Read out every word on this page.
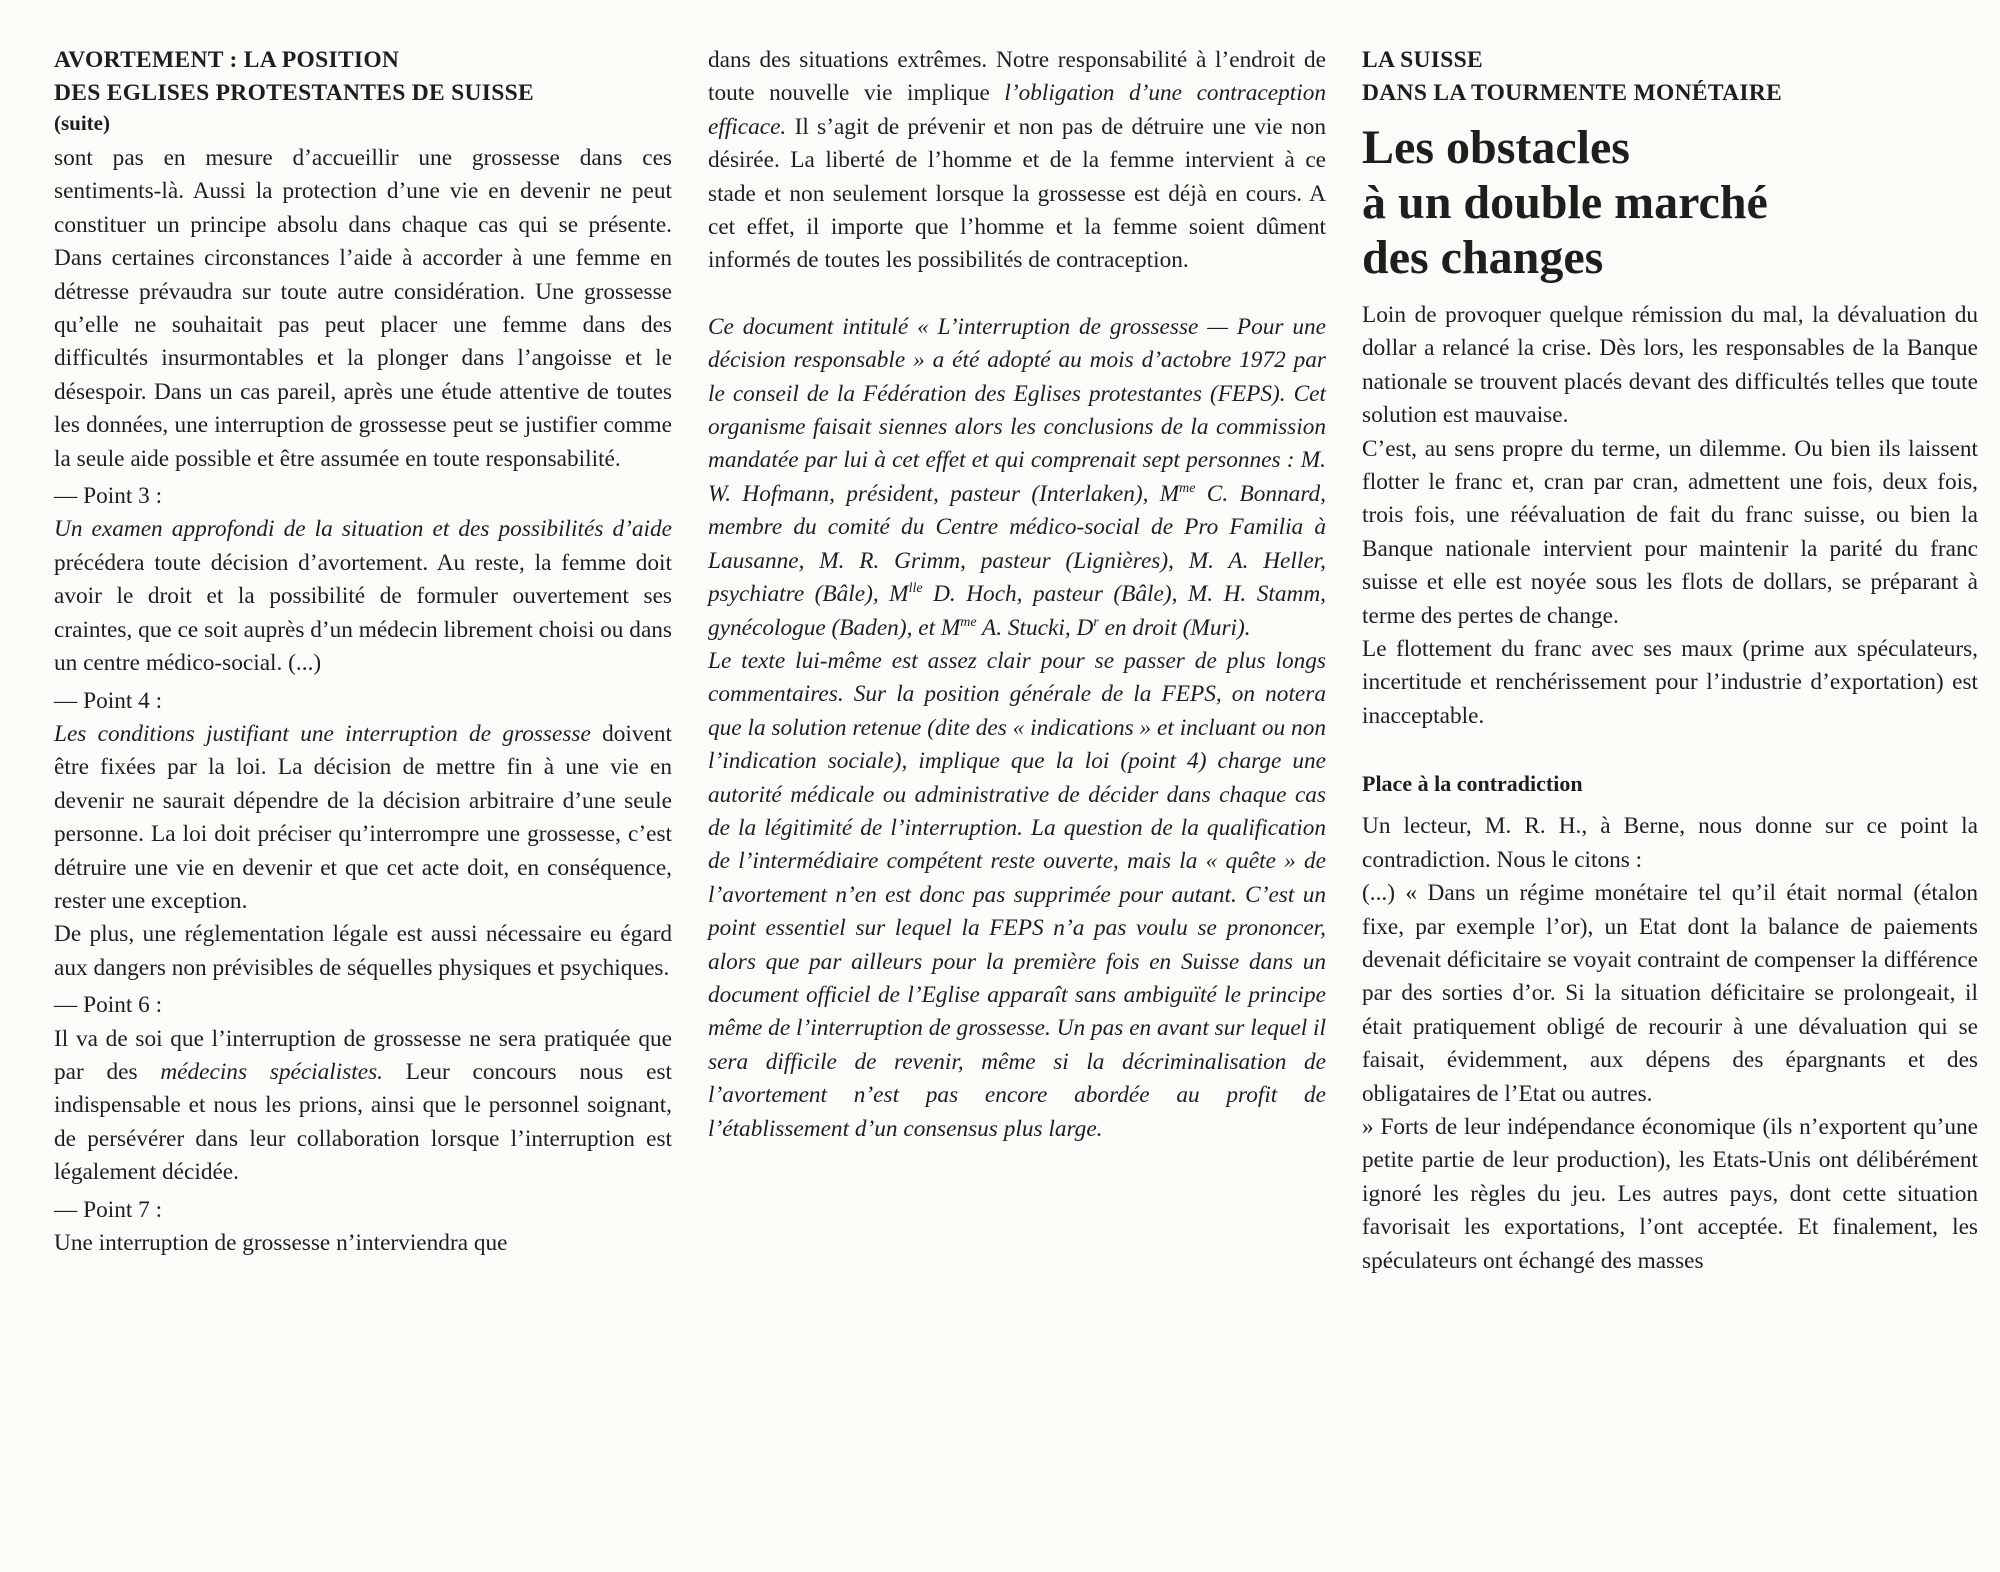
AVORTEMENT : LA POSITION
DES EGLISES PROTESTANTES DE SUISSE
(suite)

sont pas en mesure d’accueillir une grossesse dans ces sentiments-là. Aussi la protection d’une vie en devenir ne peut constituer un principe absolu dans chaque cas qui se présente. Dans certaines circonstances l’aide à accorder à une femme en détresse prévaudra sur toute autre considération. Une grossesse qu’elle ne souhaitait pas peut placer une femme dans des difficultés insurmontables et la plonger dans l’angoisse et le désespoir. Dans un cas pareil, après une étude attentive de toutes les données, une interruption de grossesse peut se justifier comme la seule aide possible et être assumée en toute responsabilité.

— Point 3 :

Un examen approfondi de la situation et des possibilités d’aide précédera toute décision d’avortement. Au reste, la femme doit avoir le droit et la possibilité de formuler ouvertement ses craintes, que ce soit auprès d’un médecin librement choisi ou dans un centre médico-social. (...)

— Point 4 :

Les conditions justifiant une interruption de grossesse doivent être fixées par la loi. La décision de mettre fin à une vie en devenir ne saurait dépendre de la décision arbitraire d’une seule personne. La loi doit préciser qu’interrompre une grossesse, c’est détruire une vie en devenir et que cet acte doit, en conséquence, rester une exception.

De plus, une réglementation légale est aussi nécessaire eu égard aux dangers non prévisibles de séquelles physiques et psychiques.

— Point 6 :

Il va de soi que l’interruption de grossesse ne sera pratiquée que par des médecins spécialistes. Leur concours nous est indispensable et nous les prions, ainsi que le personnel soignant, de persévérer dans leur collaboration lorsque l’interruption est légalement décidée.

— Point 7 :

Une interruption de grossesse n’interviendra que

dans des situations extrêmes. Notre responsabilité à l’endroit de toute nouvelle vie implique l’obligation d’une contraception efficace. Il s’agit de prévenir et non pas de détruire une vie non désirée. La liberté de l’homme et de la femme intervient à ce stade et non seulement lorsque la grossesse est déjà en cours. A cet effet, il importe que l’homme et la femme soient dûment informés de toutes les possibilités de contraception.

Ce document intitulé « L’interruption de grossesse — Pour une décision responsable » a été adopté au mois d’actobre 1972 par le conseil de la Fédération des Eglises protestantes (FEPS). Cet organisme faisait siennes alors les conclusions de la commission mandatée par lui à cet effet et qui comprenait sept personnes : M. W. Hofmann, président, pasteur (Interlaken), $M^{me}$ C. Bonnard, membre du comité du Centre médico-social de Pro Familia à Lausanne, M. R. Grimm, pasteur (Lignières), M. A. Heller, psychiatre (Bâle), $M^{lle}$ D. Hoch, pasteur (Bâle), M. H. Stamm, gynécologue (Baden), et $M^{me}$ A. Stucki, $D^r$ en droit (Muri).

Le texte lui-même est assez clair pour se passer de plus longs commentaires. Sur la position générale de la FEPS, on notera que la solution retenue (dite des « indications » et incluant ou non l’indication sociale), implique que la loi (point 4) charge une autorité médicale ou administrative de décider dans chaque cas de la légitimité de l’interruption. La question de la qualification de l’intermédiaire compétent reste ouverte, mais la « quête » de l’avortement n’en est donc pas supprimée pour autant. C’est un point essentiel sur lequel la FEPS n’a pas voulu se prononcer, alors que par ailleurs pour la première fois en Suisse dans un document officiel de l’Eglise apparaît sans ambiguïté le principe même de l’interruption de grossesse. Un pas en avant sur lequel il sera difficile de revenir, même si la décriminalisation de l’avortement n’est pas encore abordée au profit de l’établissement d’un consensus plus large.

LA SUISSE
DANS LA TOURMENTE MONÉTAIRE
Les obstacles
à un double marché
des changes

Loin de provoquer quelque rémission du mal, la dévaluation du dollar a relancé la crise. Dès lors, les responsables de la Banque nationale se trouvent placés devant des difficultés telles que toute solution est mauvaise.

C’est, au sens propre du terme, un dilemme. Ou bien ils laissent flotter le franc et, cran par cran, admettent une fois, deux fois, trois fois, une réévaluation de fait du franc suisse, ou bien la Banque nationale intervient pour maintenir la parité du franc suisse et elle est noyée sous les flots de dollars, se préparant à terme des pertes de change.

Le flottement du franc avec ses maux (prime aux spéculateurs, incertitude et renchérissement pour l’industrie d’exportation) est inacceptable.

Place à la contradiction

Un lecteur, M. R. H., à Berne, nous donne sur ce point la contradiction. Nous le citons :

(...) « Dans un régime monétaire tel qu’il était normal (étalon fixe, par exemple l’or), un Etat dont la balance de paiements devenait déficitaire se voyait contraint de compenser la différence par des sorties d’or. Si la situation déficitaire se prolongeait, il était pratiquement obligé de recourir à une dévaluation qui se faisait, évidemment, aux dépens des épargnants et des obligataires de l’Etat ou autres.

» Forts de leur indépendance économique (ils n’exportent qu’une petite partie de leur production), les Etats-Unis ont délibérément ignoré les règles du jeu. Les autres pays, dont cette situation favorisait les exportations, l’ont acceptée. Et finalement, les spéculateurs ont échangé des masses
